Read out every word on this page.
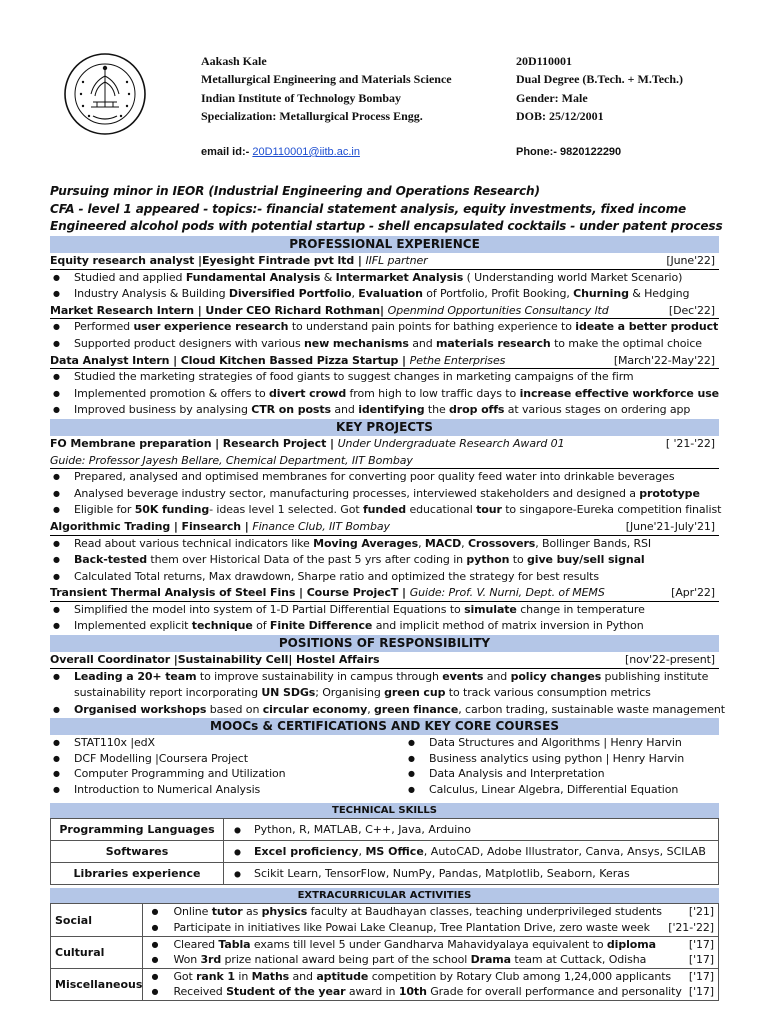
Aakash Kale
Metallurgical Engineering and Materials Science
Indian Institute of Technology Bombay
Specialization: Metallurgical Process Engg.
20D110001
Dual Degree (B.Tech. + M.Tech.)
Gender: Male
DOB: 25/12/2001
email id:- 20D110001@iitb.ac.in	Phone:- 9820122290
Pursuing minor in IEOR (Industrial Engineering and Operations Research)
CFA - level 1 appeared - topics:- financial statement analysis, equity investments, fixed income
Engineered alcohol pods with potential startup - shell encapsulated cocktails - under patent process
PROFESSIONAL EXPERIENCE
Equity research analyst |Eyesight Fintrade pvt ltd | IIFL partner	[June'22]
● Studied and applied Fundamental Analysis & Intermarket Analysis ( Understanding world Market Scenario)
● Industry Analysis & Building Diversified Portfolio, Evaluation of Portfolio, Profit Booking, Churning & Hedging
Market Research Intern | Under CEO Richard Rothman| Openmind Opportunities Consultancy ltd	[Dec'22]
● Performed user experience research to understand pain points for bathing experience to ideate a better product
● Supported product designers with various new mechanisms and materials research to make the optimal choice
Data Analyst Intern | Cloud Kitchen Bassed Pizza Startup | Pethe Enterprises	[March'22-May'22]
● Studied the marketing strategies of food giants to suggest changes in marketing campaigns of the firm
● Implemented promotion & offers to divert crowd from high to low traffic days to increase effective workforce use
● Improved business by analysing CTR on posts and identifying the drop offs at various stages on ordering app
KEY PROJECTS
FO Membrane preparation | Research Project | Under Undergraduate Research Award 01	[ '21-'22]
Guide: Professor Jayesh Bellare, Chemical Department, IIT Bombay
● Prepared, analysed and optimised membranes for converting poor quality feed water into drinkable beverages
● Analysed beverage industry sector, manufacturing processes, interviewed stakeholders and designed a prototype
● Eligible for 50K funding- ideas level 1 selected. Got funded educational tour to singapore-Eureka competition finalist
Algorithmic Trading | Finsearch | Finance Club, IIT Bombay	[June'21-July'21]
● Read about various technical indicators like Moving Averages, MACD, Crossovers, Bollinger Bands, RSI
● Back-tested them over Historical Data of the past 5 yrs after coding in python to give buy/sell signal
● Calculated Total returns, Max drawdown, Sharpe ratio and optimized the strategy for best results
Transient Thermal Analysis of Steel Fins | Course ProjecT | Guide: Prof. V. Nurni, Dept. of MEMS	[Apr'22]
● Simplified the model into system of 1-D Partial Differential Equations to simulate change in temperature
● Implemented explicit technique of Finite Difference and implicit method of matrix inversion in Python
POSITIONS OF RESPONSIBILITY
Overall Coordinator |Sustainability Cell| Hostel Affairs	[nov'22-present]
● Leading a 20+ team to improve sustainability in campus through events and policy changes publishing institute
sustainability report incorporating UN SDGs; Organising green cup to track various consumption metrics
● Organised workshops based on circular economy, green finance, carbon trading, sustainable waste management
MOOCs & CERTIFICATIONS AND KEY CORE COURSES
● STAT110x |edX
● DCF Modelling |Coursera Project
● Computer Programming and Utilization
● Introduction to Numerical Analysis
● Data Structures and Algorithms | Henry Harvin
● Business analytics using python | Henry Harvin
● Data Analysis and Interpretation
● Calculus, Linear Algebra, Differential Equation
TECHNICAL SKILLS
Programming Languages	● Python, R, MATLAB, C++, Java, Arduino
Softwares	● Excel proficiency, MS Office, AutoCAD, Adobe Illustrator, Canva, Ansys, SCILAB
Libraries experience	● Scikit Learn, TensorFlow, NumPy, Pandas, Matplotlib, Seaborn, Keras
EXTRACURRICULAR ACTIVITIES
Social	● Online tutor as physics faculty at Baudhayan classes, teaching underprivileged students ['21]
● Participate in initiatives like Powai Lake Cleanup, Tree Plantation Drive, zero waste week ['21-'22]

Cultural	● Cleared Tabla exams till level 5 under Gandharva Mahavidyalaya equivalent to diploma ['17]
● Won 3rd prize national award being part of the school Drama team at Cuttack, Odisha ['17]

Miscellaneous	● Got rank 1 in Maths and aptitude competition by Rotary Club among 1,24,000 applicants ['17]
● Received Student of the year award in 10th Grade for overall performance and personality ['17]
